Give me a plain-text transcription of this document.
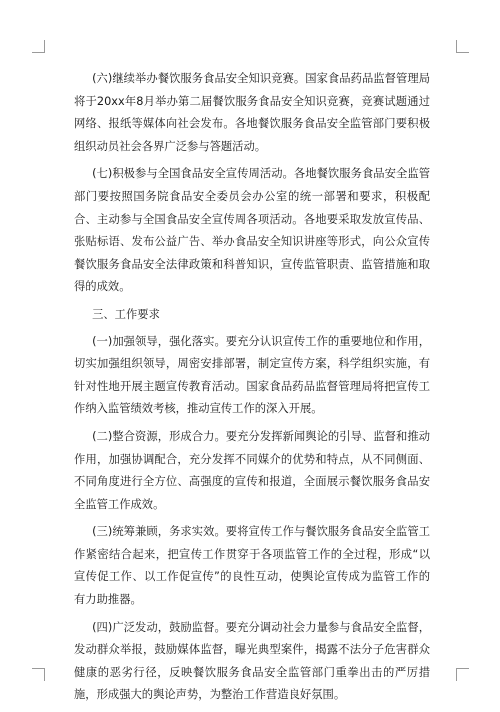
(六)继续举办餐饮服务食品安全知识竞赛。国家食品药品监督管理局将于20xx年8月举办第二届餐饮服务食品安全知识竞赛，竞赛试题通过网络、报纸等媒体向社会发布。各地餐饮服务食品安全监管部门要积极组织动员社会各界广泛参与答题活动。

(七)积极参与全国食品安全宣传周活动。各地餐饮服务食品安全监管部门要按照国务院食品安全委员会办公室的统一部署和要求，积极配合、主动参与全国食品安全宣传周各项活动。各地要采取发放宣传品、张贴标语、发布公益广告、举办食品安全知识讲座等形式，向公众宣传餐饮服务食品安全法律政策和科普知识，宣传监管职责、监管措施和取得的成效。

三、工作要求

(一)加强领导，强化落实。要充分认识宣传工作的重要地位和作用，切实加强组织领导，周密安排部署，制定宣传方案，科学组织实施，有针对性地开展主题宣传教育活动。国家食品药品监督管理局将把宣传工作纳入监管绩效考核，推动宣传工作的深入开展。

(二)整合资源，形成合力。要充分发挥新闻舆论的引导、监督和推动作用，加强协调配合，充分发挥不同媒介的优势和特点，从不同侧面、不同角度进行全方位、高强度的宣传和报道，全面展示餐饮服务食品安全监管工作成效。

(三)统筹兼顾，务求实效。要将宣传工作与餐饮服务食品安全监管工作紧密结合起来，把宣传工作贯穿于各项监管工作的全过程，形成“以宣传促工作、以工作促宣传”的良性互动，使舆论宣传成为监管工作的有力助推器。

(四)广泛发动，鼓励监督。要充分调动社会力量参与食品安全监督，发动群众举报，鼓励媒体监督，曝光典型案件，揭露不法分子危害群众健康的恶劣行径，反映餐饮服务食品安全监管部门重拳出击的严厉措施，形成强大的舆论声势，为整治工作营造良好氛围。
